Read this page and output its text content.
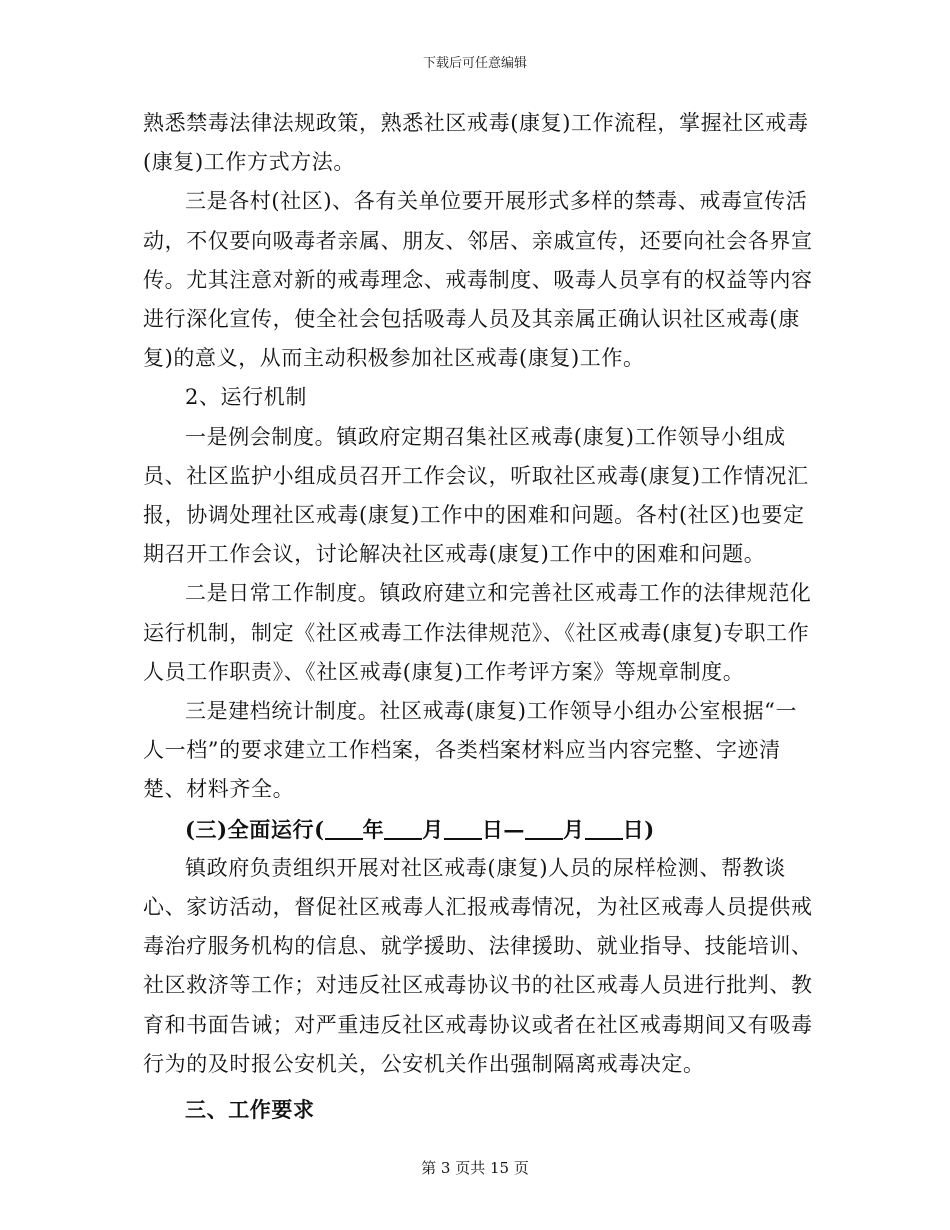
下载后可任意编辑

熟悉禁毒法律法规政策，熟悉社区戒毒(康复)工作流程，掌握社区戒毒(康复)工作方式方法。

三是各村(社区)、各有关单位要开展形式多样的禁毒、戒毒宣传活动，不仅要向吸毒者亲属、朋友、邻居、亲戚宣传，还要向社会各界宣传。尤其注意对新的戒毒理念、戒毒制度、吸毒人员享有的权益等内容进行深化宣传，使全社会包括吸毒人员及其亲属正确认识社区戒毒(康复)的意义，从而主动积极参加社区戒毒(康复)工作。

2、运行机制

一是例会制度。镇政府定期召集社区戒毒(康复)工作领导小组成员、社区监护小组成员召开工作会议，听取社区戒毒(康复)工作情况汇报，协调处理社区戒毒(康复)工作中的困难和问题。各村(社区)也要定期召开工作会议，讨论解决社区戒毒(康复)工作中的困难和问题。

二是日常工作制度。镇政府建立和完善社区戒毒工作的法律规范化运行机制，制定《社区戒毒工作法律规范》、《社区戒毒(康复)专职工作人员工作职责》、《社区戒毒(康复)工作考评方案》等规章制度。

三是建档统计制度。社区戒毒(康复)工作领导小组办公室根据“一人一档”的要求建立工作档案，各类档案材料应当内容完整、字迹清楚、材料齐全。

(三)全面运行( 年 月 日— 月 日)

镇政府负责组织开展对社区戒毒(康复)人员的尿样检测、帮教谈心、家访活动，督促社区戒毒人汇报戒毒情况，为社区戒毒人员提供戒毒治疗服务机构的信息、就学援助、法律援助、就业指导、技能培训、社区救济等工作；对违反社区戒毒协议书的社区戒毒人员进行批判、教育和书面告诫；对严重违反社区戒毒协议或者在社区戒毒期间又有吸毒行为的及时报公安机关，公安机关作出强制隔离戒毒决定。

三、工作要求

第 3 页共 15 页
